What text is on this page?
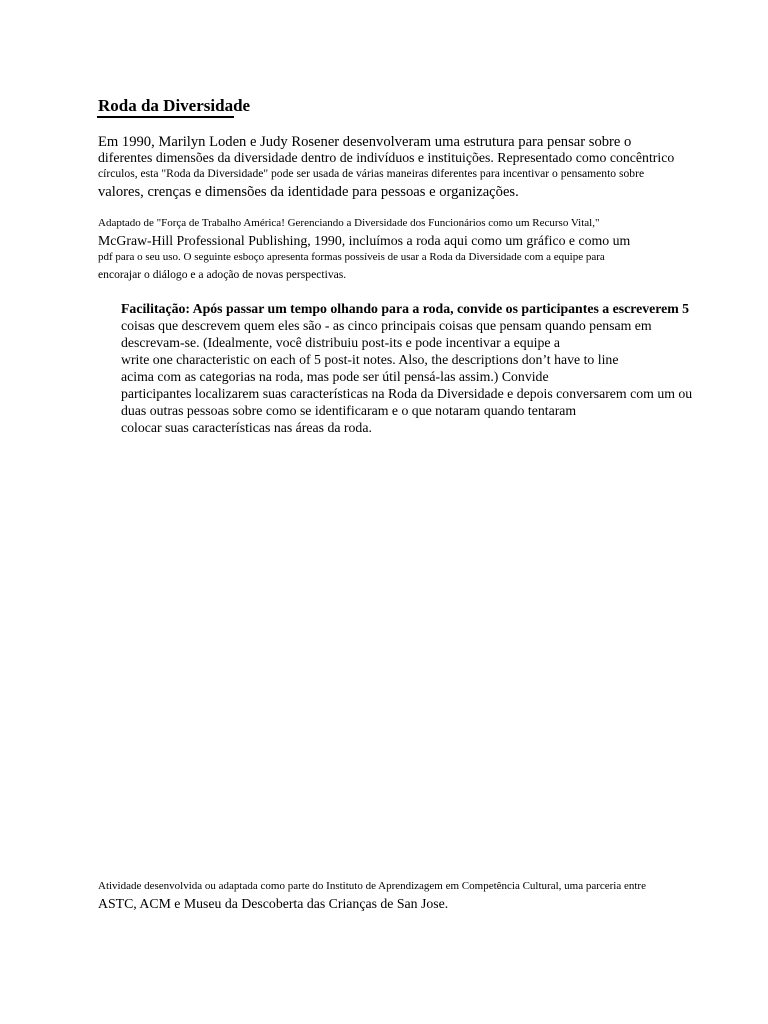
Roda da Diversidade
Em 1990, Marilyn Loden e Judy Rosener desenvolveram uma estrutura para pensar sobre o
diferentes dimensões da diversidade dentro de indivíduos e instituições. Representado como concêntrico
círculos, esta "Roda da Diversidade" pode ser usada de várias maneiras diferentes para incentivar o pensamento sobre
valores, crenças e dimensões da identidade para pessoas e organizações.
Adaptado de "Força de Trabalho América! Gerenciando a Diversidade dos Funcionários como um Recurso Vital,"
McGraw-Hill Professional Publishing, 1990, incluímos a roda aqui como um gráfico e como um
pdf para o seu uso. O seguinte esboço apresenta formas possíveis de usar a Roda da Diversidade com a equipe para
encorajar o diálogo e a adoção de novas perspectivas.
Facilitação: Após passar um tempo olhando para a roda, convide os participantes a escreverem 5
coisas que descrevem quem eles são - as cinco principais coisas que pensam quando pensam em
descrevam-se. (Idealmente, você distribuiu post-its e pode incentivar a equipe a
write one characteristic on each of 5 post-it notes. Also, the descriptions don’t have to line
acima com as categorias na roda, mas pode ser útil pensá-las assim.) Convide
participantes localizarem suas características na Roda da Diversidade e depois conversarem com um ou
duas outras pessoas sobre como se identificaram e o que notaram quando tentaram
colocar suas características nas áreas da roda.
Atividade desenvolvida ou adaptada como parte do Instituto de Aprendizagem em Competência Cultural, uma parceria entre
ASTC, ACM e Museu da Descoberta das Crianças de San Jose.
